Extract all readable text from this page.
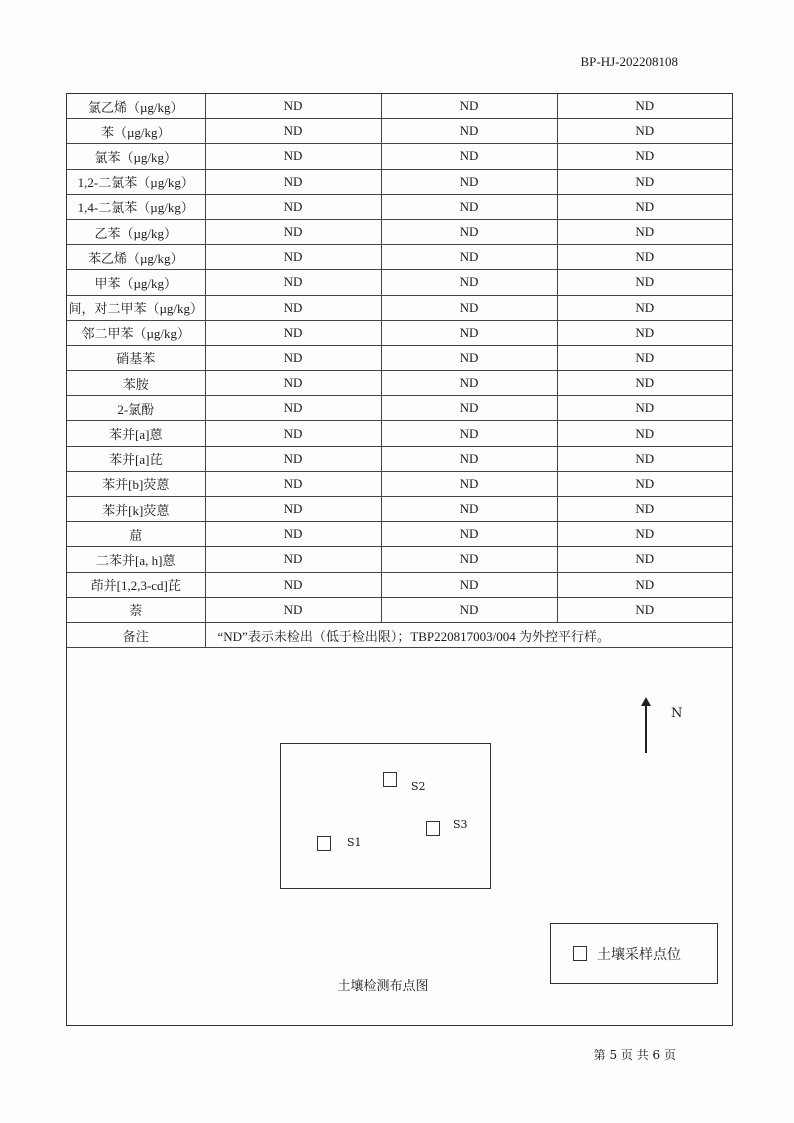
BP-HJ-202208108
氯乙烯（µg/kg）	ND	ND	ND
苯（µg/kg）	ND	ND	ND
氯苯（µg/kg）	ND	ND	ND
1,2-二氯苯（µg/kg）	ND	ND	ND
1,4-二氯苯（µg/kg）	ND	ND	ND
乙苯（µg/kg）	ND	ND	ND
苯乙烯（µg/kg）	ND	ND	ND
甲苯（µg/kg）	ND	ND	ND
间，对二甲苯（µg/kg）	ND	ND	ND
邻二甲苯（µg/kg）	ND	ND	ND
硝基苯	ND	ND	ND
苯胺	ND	ND	ND
2-氯酚	ND	ND	ND
苯并[a]蒽	ND	ND	ND
苯并[a]芘	ND	ND	ND
苯并[b]荧蒽	ND	ND	ND
苯并[k]荧蒽	ND	ND	ND
䓛	ND	ND	ND
二苯并[a, h]蒽	ND	ND	ND
茚并[1,2,3-cd]芘	ND	ND	ND
萘	ND	ND	ND
备注	“ND”表示未检出（低于检出限）；TBP220817003/004 为外控平行样。		
N
S2
S1
S3
土壤采样点位
土壤检测布点图
第 5 页 共 6 页
